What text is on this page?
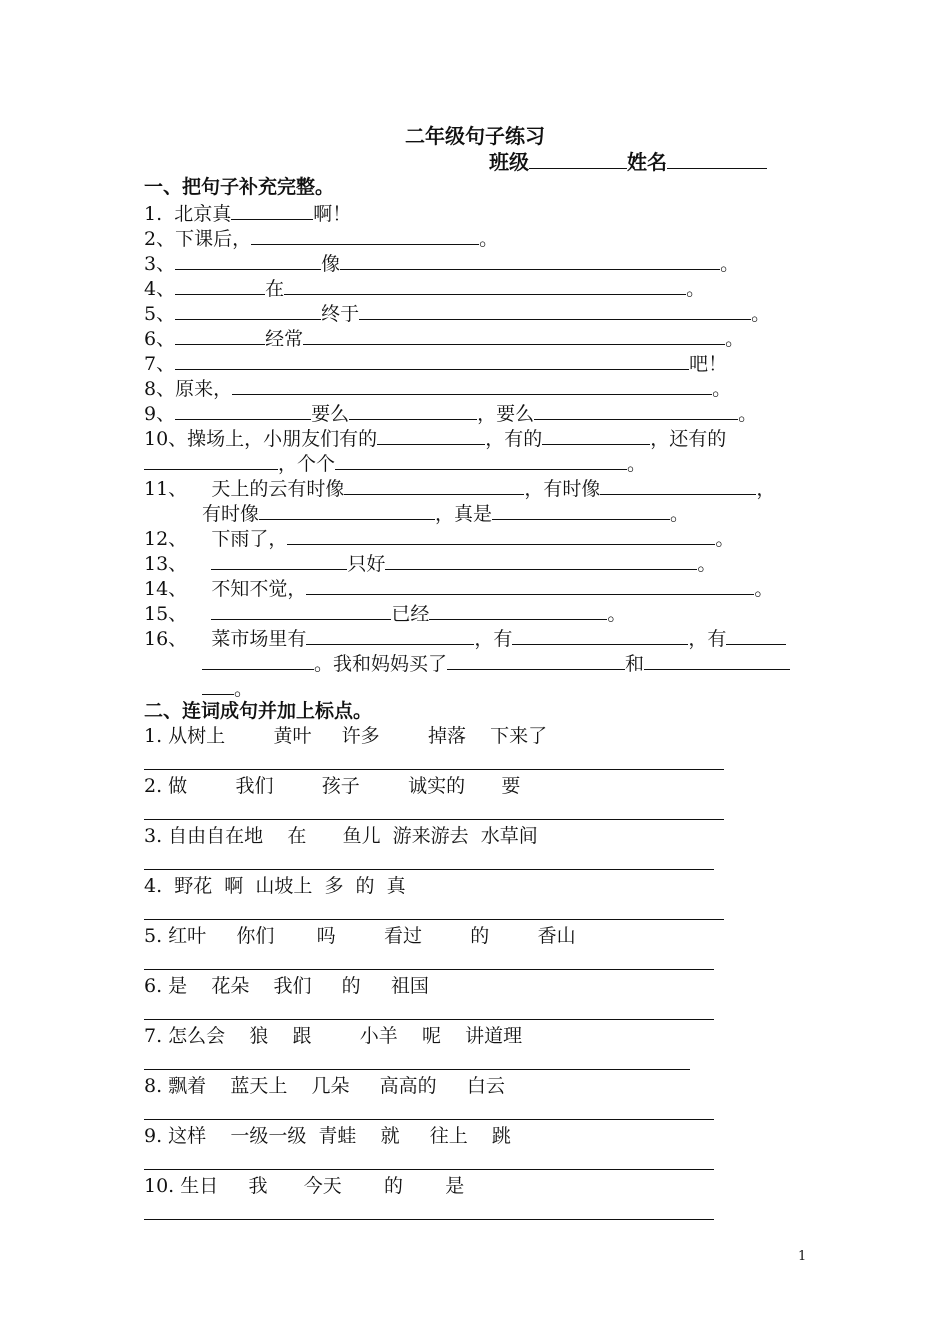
二年级句子练习
班级	姓名
一、把句子补充完整。
1.  北京真	啊！
2、下课后，	。
3、	像	。
4、	在	。
5、	终于	。
6、	经常	。
7、	吧！
8、原来，	。
9、	要么	，要么	。
10、操场上，小朋友们有的	，有的	，还有的
，个个	。
11、    天上的云有时像	，有时像	，
有时像	，真是	。
12、    下雨了，	。
13、	只好	。
14、    不知不觉，	。
15、	已经	。
16、    菜市场里有	，有	，有
。我和妈妈买了	和
。
二、连词成句并加上标点。
1. 从树上        黄叶     许多        掉落    下来了
2. 做        我们        孩子        诚实的      要
3. 自由自在地    在      鱼儿  游来游去  水草间
4.  野花  啊  山坡上  多  的  真
5. 红叶     你们       吗        看过        的        香山
6. 是    花朵    我们     的     祖国
7. 怎么会    狼    跟        小羊    呢    讲道理
8. 飘着    蓝天上    几朵     高高的     白云
9. 这样    一级一级  青蛙    就     往上    跳
10. 生日     我      今天       的       是
1
